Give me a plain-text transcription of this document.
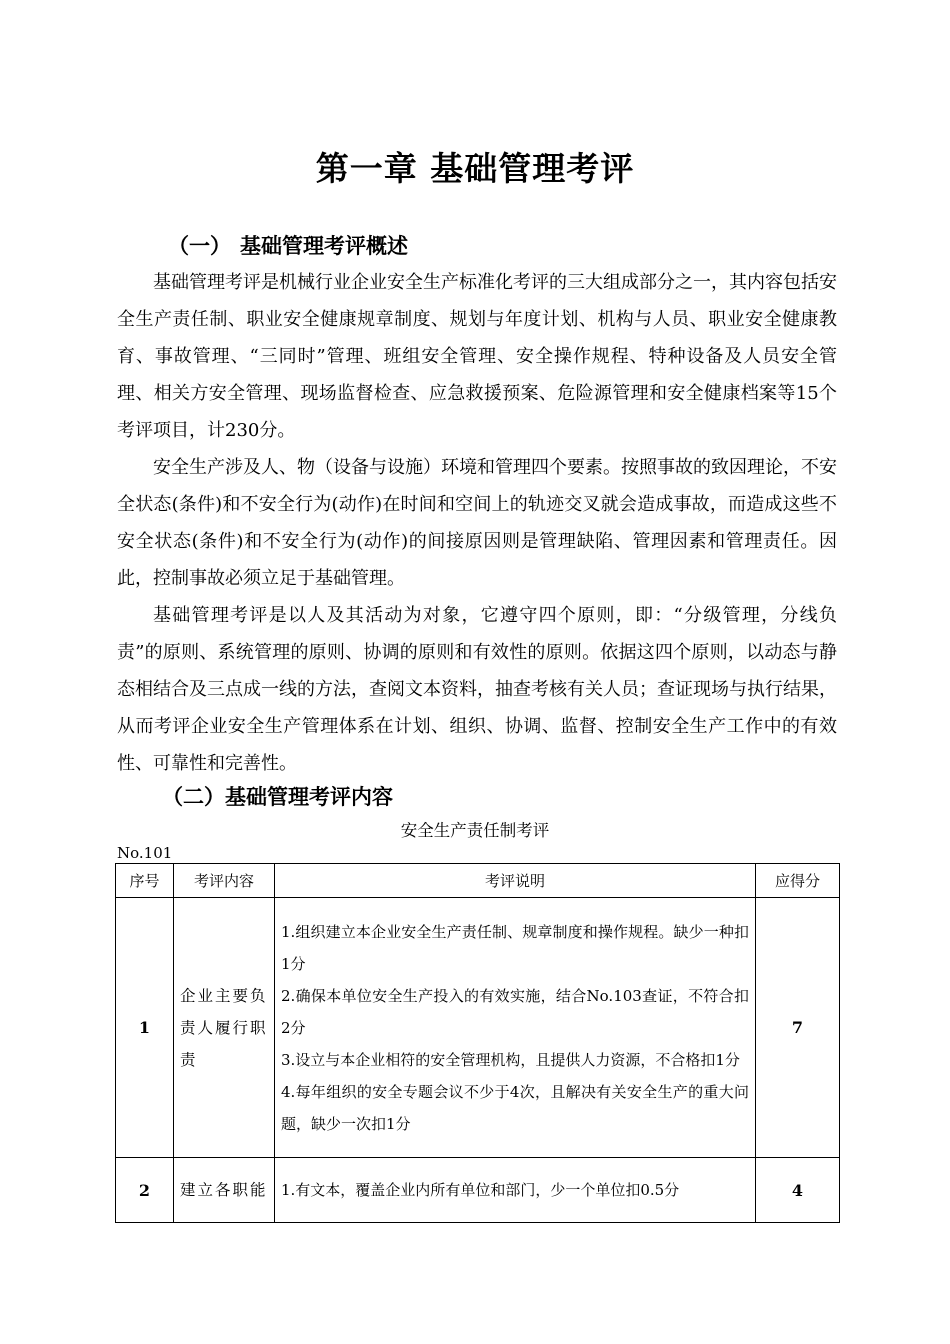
第一章 基础管理考评
（一） 基础管理考评概述

基础管理考评是机械行业企业安全生产标准化考评的三大组成部分之一，其内容包括安全生产责任制、职业安全健康规章制度、规划与年度计划、机构与人员、职业安全健康教育、事故管理、“三同时”管理、班组安全管理、安全操作规程、特种设备及人员安全管理、相关方安全管理、现场监督检查、应急救援预案、危险源管理和安全健康档案等15个考评项目，计230分。

安全生产涉及人、物（设备与设施）环境和管理四个要素。按照事故的致因理论，不安全状态(条件)和不安全行为(动作)在时间和空间上的轨迹交叉就会造成事故，而造成这些不安全状态(条件)和不安全行为(动作)的间接原因则是管理缺陷、管理因素和管理责任。因此，控制事故必须立足于基础管理。

基础管理考评是以人及其活动为对象，它遵守四个原则，即：“分级管理，分线负责”的原则、系统管理的原则、协调的原则和有效性的原则。依据这四个原则，以动态与静态相结合及三点成一线的方法，查阅文本资料，抽查考核有关人员；查证现场与执行结果，从而考评企业安全生产管理体系在计划、组织、协调、监督、控制安全生产工作中的有效性、可靠性和完善性。

（二）基础管理考评内容

安全生产责任制考评

No.101

序号	考评内容	考评说明	应得分
1	企业主要负责人履行职责	1.组织建立本企业安全生产责任制、规章制度和操作规程。缺少一种扣1分
2.确保本单位安全生产投入的有效实施，结合No.103查证，不符合扣2分
3.设立与本企业相符的安全管理机构，且提供人力资源，不合格扣1分
4.每年组织的安全专题会议不少于4次，且解决有关安全生产的重大问题，缺少一次扣1分	7
2	建立各职能	1.有文本，覆盖企业内所有单位和部门，少一个单位扣0.5分	4
